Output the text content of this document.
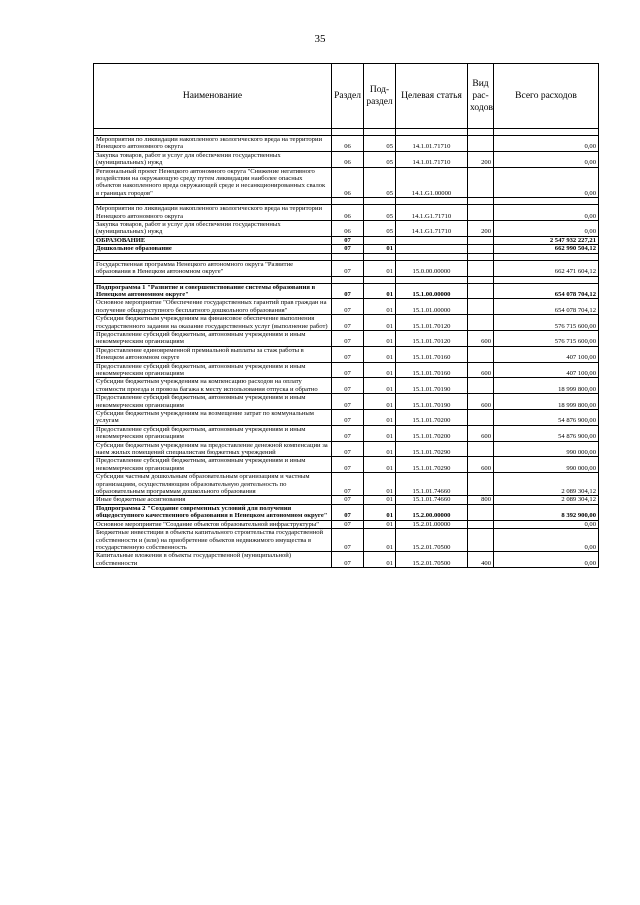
35
Наименование	Раздел	Под-раздел	Целевая статья	Вид рас-ходов	Всего расходов

Мероприятия по ликвидации накопленного экологического вреда на территории Ненецкого автономного округа	06	05	14.1.01.71710		0,00
Закупка товаров, работ и услуг для обеспечения государственных (муниципальных) нужд	06	05	14.1.01.71710	200	0,00
Региональный проект Ненецкого автономного округа "Снижение негативного воздействия на окружающую среду путем ликвидации наиболее опасных объектов накопленного вреда окружающей среде и несанкционированных свалок в границах городов"	06	05	14.1.G1.00000		0,00

Мероприятия по ликвидации накопленного экологического вреда на территории Ненецкого автономного округа	06	05	14.1.G1.71710		0,00
Закупка товаров, работ и услуг для обеспечения государственных (муниципальных) нужд	06	05	14.1.G1.71710	200	0,00
ОБРАЗОВАНИЕ	07				2 547 932 227,21
Дошкольное образование	07	01			662 990 504,12

Государственная программа Ненецкого автономного округа "Развитие образования в Ненецком автономном округе"	07	01	15.0.00.00000		662 471 604,12

Подпрограмма 1 "Развитие и совершенствование системы образования в Ненецком автономном округе"	07	01	15.1.00.00000		654 078 704,12
Основное мероприятие "Обеспечение государственных гарантий прав граждан на получение общедоступного бесплатного дошкольного образования"	07	01	15.1.01.00000		654 078 704,12
Субсидии бюджетным учреждениям на финансовое обеспечение выполнения государственного задания на оказание государственных услуг (выполнение работ)	07	01	15.1.01.70120		576 715 600,00
Предоставление субсидий бюджетным, автономным учреждениям и иным некоммерческим организациям	07	01	15.1.01.70120	600	576 715 600,00
Предоставление единовременной премиальной выплаты за стаж работы в Ненецком автономном округе	07	01	15.1.01.70160		407 100,00
Предоставление субсидий бюджетным, автономным учреждениям и иным некоммерческим организациям	07	01	15.1.01.70160	600	407 100,00
Субсидии бюджетным учреждениям на компенсацию расходов на оплату стоимости проезда и провоза багажа к месту использования отпуска и обратно	07	01	15.1.01.70190		18 999 800,00
Предоставление субсидий бюджетным, автономным учреждениям и иным некоммерческим организациям	07	01	15.1.01.70190	600	18 999 800,00
Субсидии бюджетным учреждениям на возмещение затрат по коммунальным услугам	07	01	15.1.01.70200		54 876 900,00
Предоставление субсидий бюджетным, автономным учреждениям и иным некоммерческим организациям	07	01	15.1.01.70200	600	54 876 900,00
Субсидии бюджетным учреждениям на предоставление денежной компенсации за наем жилых помещений специалистам бюджетных учреждений	07	01	15.1.01.70290		990 000,00
Предоставление субсидий бюджетным, автономным учреждениям и иным некоммерческим организациям	07	01	15.1.01.70290	600	990 000,00
Субсидии частным дошкольным образовательным организациям и частным организациям, осуществляющим образовательную деятельность по образовательным программам дошкольного образования	07	01	15.1.01.74660		2 089 304,12
Иные бюджетные ассигнования	07	01	15.1.01.74660	800	2 089 304,12
Подпрограмма 2 "Создание современных условий для получения общедоступного качественного образования в Ненецком автономном округе"	07	01	15.2.00.00000		8 392 900,00
Основное мероприятие "Создание объектов образовательной инфраструктуры"	07	01	15.2.01.00000		0,00
Бюджетные инвестиции в объекты капитального строительства государственной собственности и (или) на приобретение объектов недвижимого имущества в государственную собственность	07	01	15.2.01.70500		0,00
Капитальные вложения в объекты государственной (муниципальной) собственности	07	01	15.2.01.70500	400	0,00
